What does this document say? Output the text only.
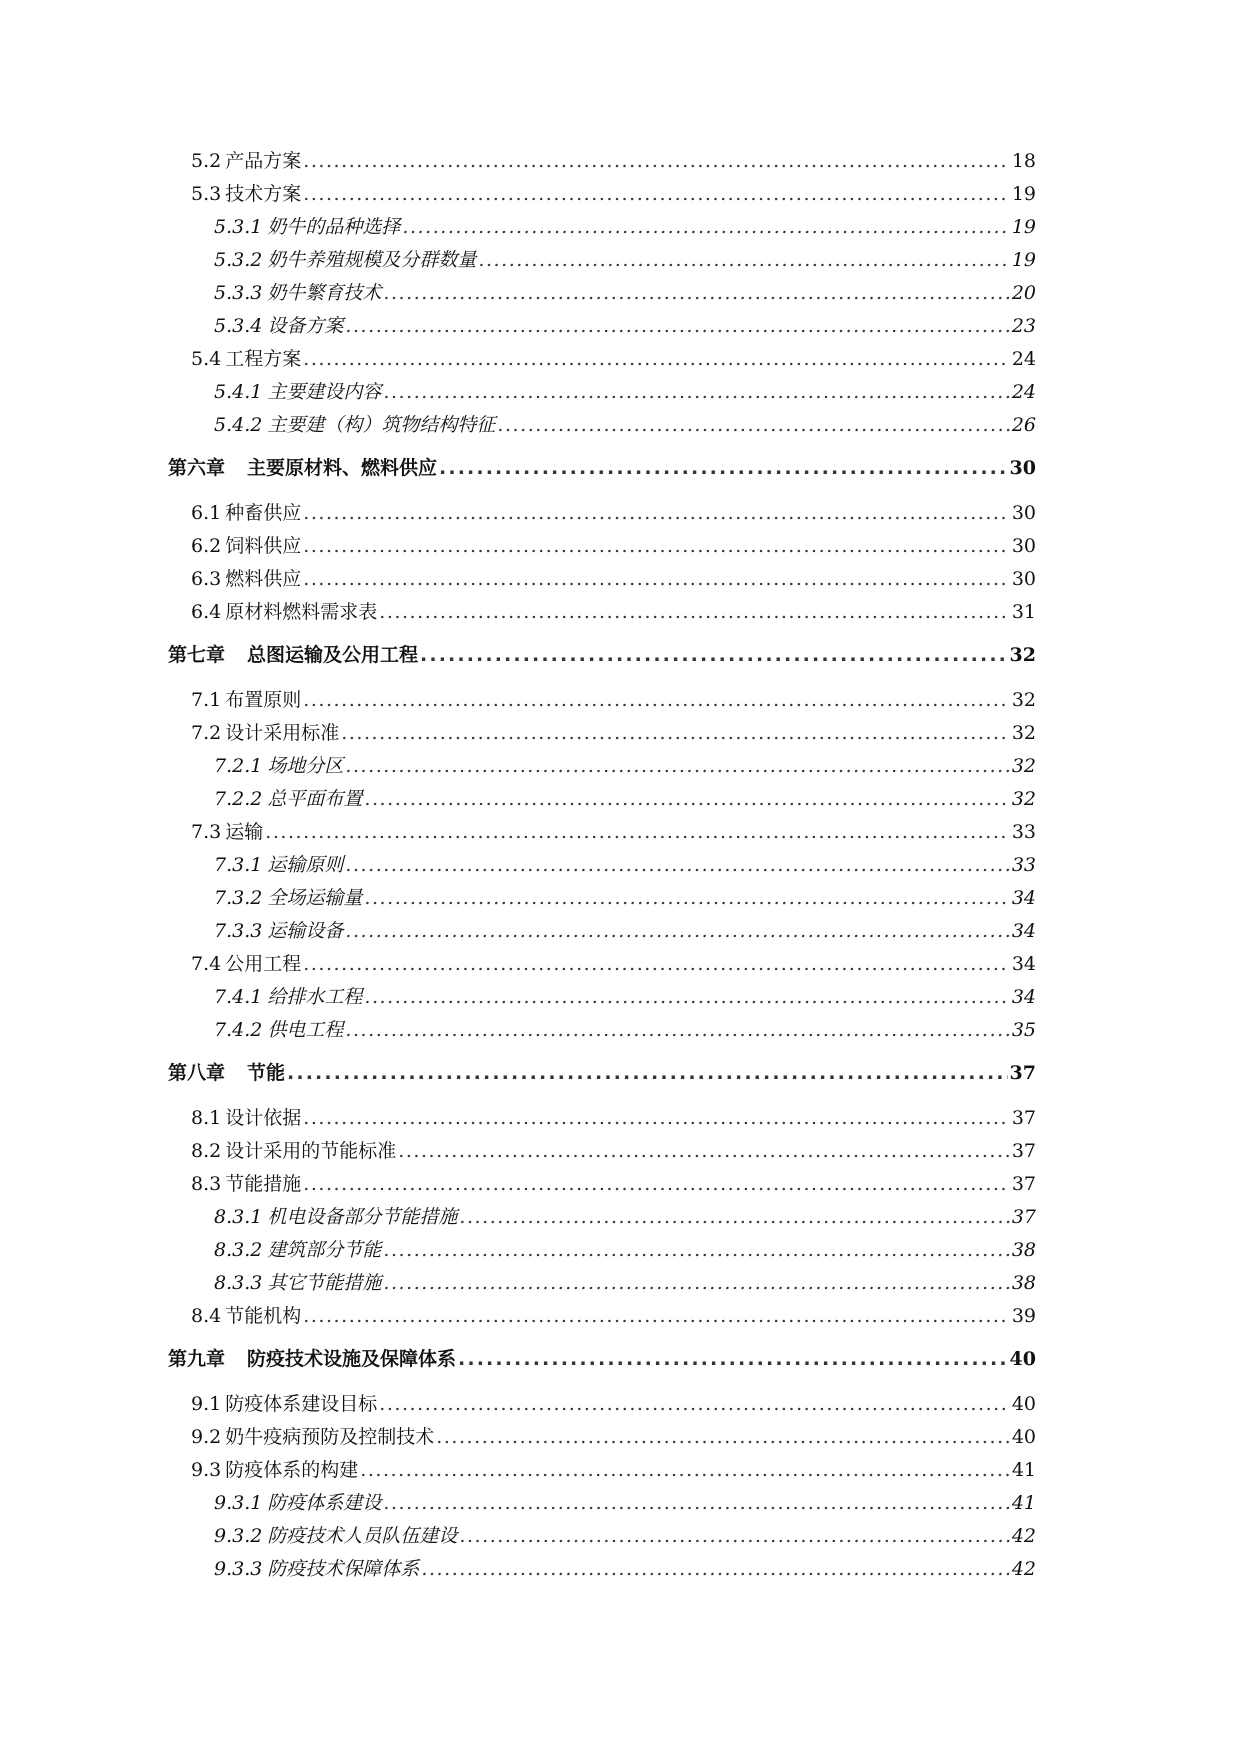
5.2 产品方案 . . .	18
5.3 技术方案 . . .	19
5.3.1 奶牛的品种选择 . . .	19
5.3.2 奶牛养殖规模及分群数量 . . .	19
5.3.3 奶牛繁育技术 . . .	20
5.3.4 设备方案 . . .	23
5.4 工程方案 . . .	24
5.4.1 主要建设内容 . . .	24
5.4.2 主要建（构）筑物结构特征 . . .	26
第六章 主要原材料、燃料供应 . . .	30
6.1 种畜供应 . . .	30
6.2 饲料供应 . . .	30
6.3 燃料供应 . . .	30
6.4 原材料燃料需求表 . . .	31
第七章 总图运输及公用工程 . . .	32
7.1 布置原则 . . .	32
7.2 设计采用标准 . . .	32
7.2.1 场地分区 . . .	32
7.2.2 总平面布置 . . .	32
7.3 运输 . . .	33
7.3.1 运输原则 . . .	33
7.3.2 全场运输量 . . .	34
7.3.3 运输设备 . . .	34
7.4 公用工程 . . .	34
7.4.1 给排水工程 . . .	34
7.4.2 供电工程 . . .	35
第八章 节能 . . .	37
8.1 设计依据 . . .	37
8.2 设计采用的节能标准 . . .	37
8.3 节能措施 . . .	37
8.3.1 机电设备部分节能措施 . . .	37
8.3.2 建筑部分节能 . . .	38
8.3.3 其它节能措施 . . .	38
8.4 节能机构 . . .	39
第九章 防疫技术设施及保障体系 . . .	40
9.1 防疫体系建设目标 . . .	40
9.2 奶牛疫病预防及控制技术 . . .	40
9.3 防疫体系的构建 . . .	41
9.3.1 防疫体系建设 . . .	41
9.3.2 防疫技术人员队伍建设 . . .	42
9.3.3 防疫技术保障体系 . . .	42
